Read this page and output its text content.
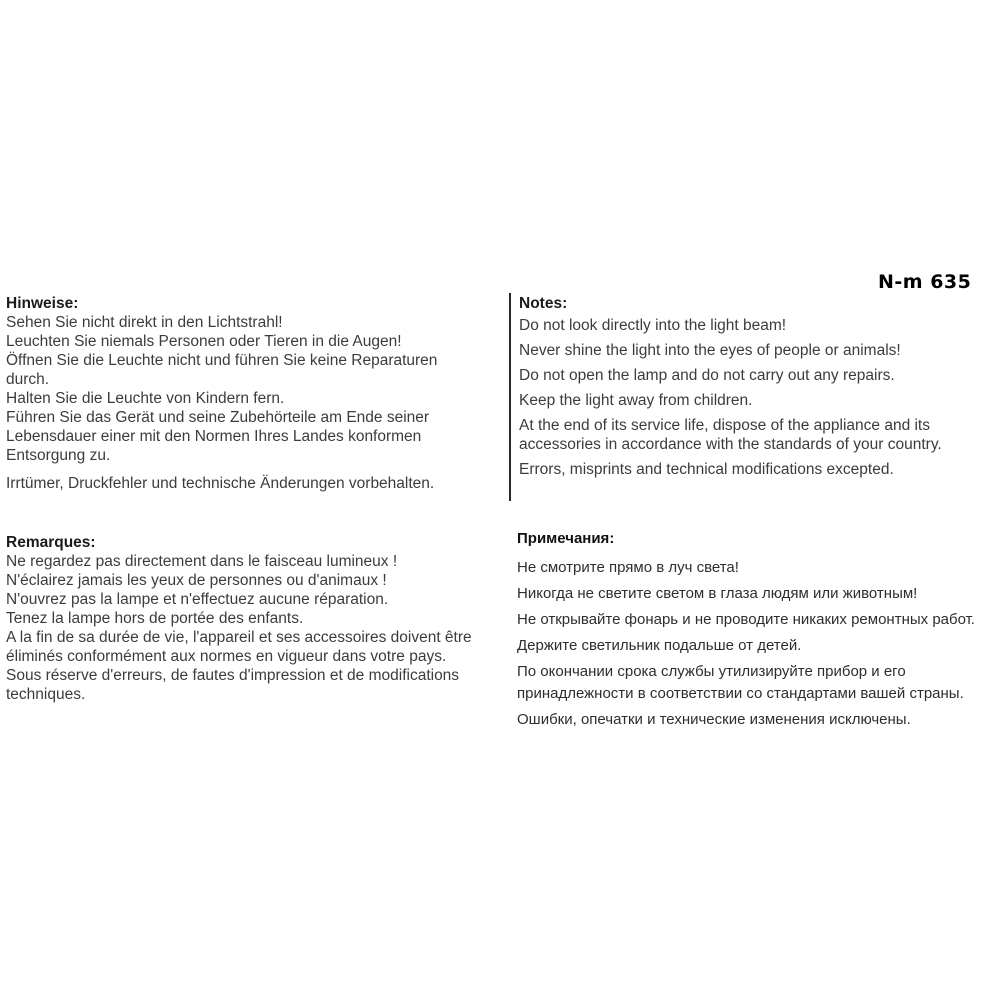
N-m 635
Hinweise:

Sehen Sie nicht direkt in den Lichtstrahl!

Leuchten Sie niemals Personen oder Tieren in die Augen!

Öffnen Sie die Leuchte nicht und führen Sie keine Reparaturen durch.

Halten Sie die Leuchte von Kindern fern.

Führen Sie das Gerät und seine Zubehörteile am Ende seiner Lebensdauer einer mit den Normen Ihres Landes konformen Entsorgung zu.

Irrtümer, Druckfehler und technische Änderungen vorbehalten.

Notes:

Do not look directly into the light beam!

Never shine the light into the eyes of people or animals!

Do not open the lamp and do not carry out any repairs.

Keep the light away from children.

At the end of its service life, dispose of the appliance and its accessories in accordance with the standards of your country.

Errors, misprints and technical modifications excepted.

Remarques:

Ne regardez pas directement dans le faisceau lumineux !

N'éclairez jamais les yeux de personnes ou d'animaux !

N'ouvrez pas la lampe et n'effectuez aucune réparation.

Tenez la lampe hors de portée des enfants.

A la fin de sa durée de vie, l'appareil et ses accessoires doivent être éliminés conformément aux normes en vigueur dans votre pays.

Sous réserve d'erreurs, de fautes d'impression et de modifications techniques.

Примечания:

Не смотрите прямо в луч света!

Никогда не светите светом в глаза людям или животным!

Не открывайте фонарь и не проводите никаких ремонтных работ.

Держите светильник подальше от детей.

По окончании срока службы утилизируйте прибор и его принадлежности в соответствии со стандартами вашей страны.

Ошибки, опечатки и технические изменения исключены.
